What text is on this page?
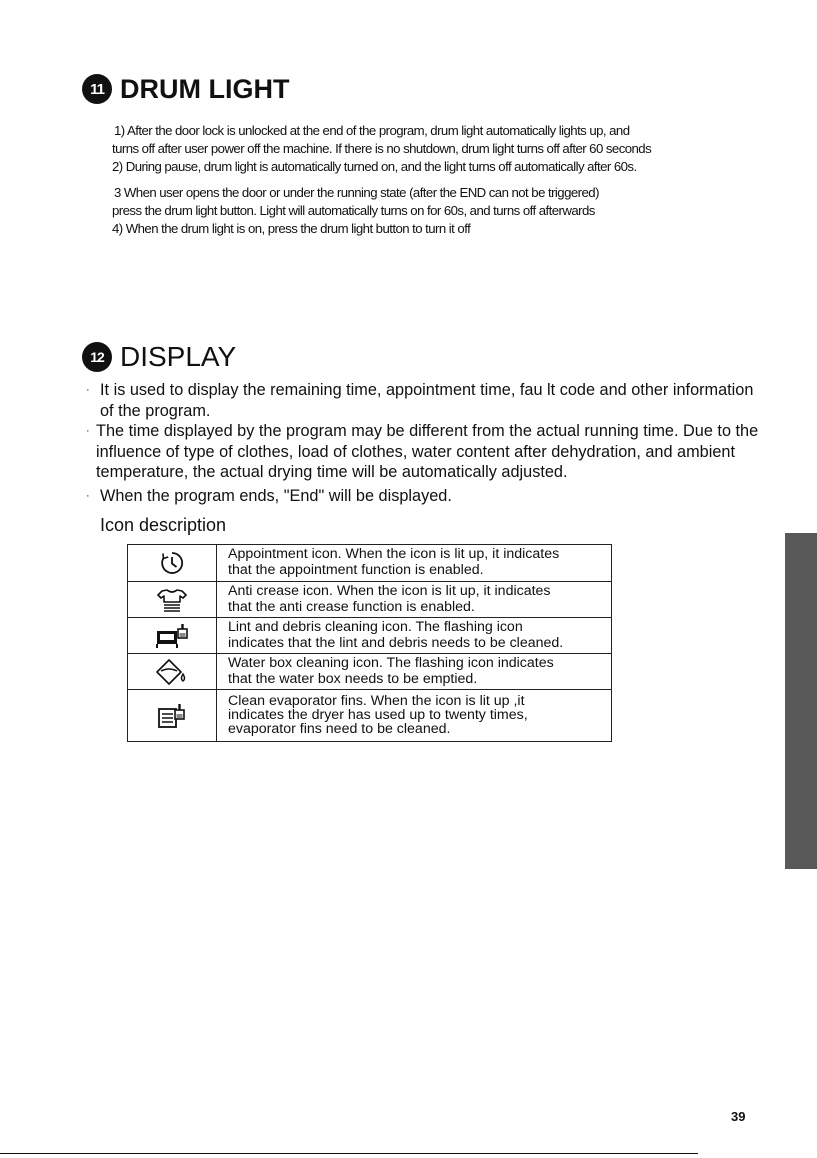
11 DRUM LIGHT
1) After the door lock is unlocked at the end of the program, drum light automatically lights up, and
turns off after user power off the machine. If there is no shutdown, drum light turns off after 60 seconds
2) During pause, drum light is automatically turned on, and the light turns off automatically after 60s.
3 When user opens the door or under the running state (after the END can not be triggered)
press the drum light button. Light will automatically turns on for 60s, and turns off afterwards
4) When the drum light is on, press the drum light button to turn it off
12 DISPLAY
· It is used to display the remaining time, appointment time, fau lt code and other information
of the program.
· The time displayed by the program may be different from the actual running time. Due to the
influence of type of clothes, load of clothes, water content after dehydration, and ambient
temperature, the actual drying time will be automatically adjusted.
· When the program ends, "End" will be displayed.
Icon description

Appointment icon. When the icon is lit up, it indicates
that the appointment function is enabled.

Anti crease icon. When the icon is lit up, it indicates
that the anti crease function is enabled.

Lint and debris cleaning icon. The flashing icon
indicates that the lint and debris needs to be cleaned.

Water box cleaning icon. The flashing icon indicates
that the water box needs to be emptied.

Clean evaporator fins. When the icon is lit up ,it
indicates the dryer has used up to twenty times,
evaporator fins need to be cleaned.
39
